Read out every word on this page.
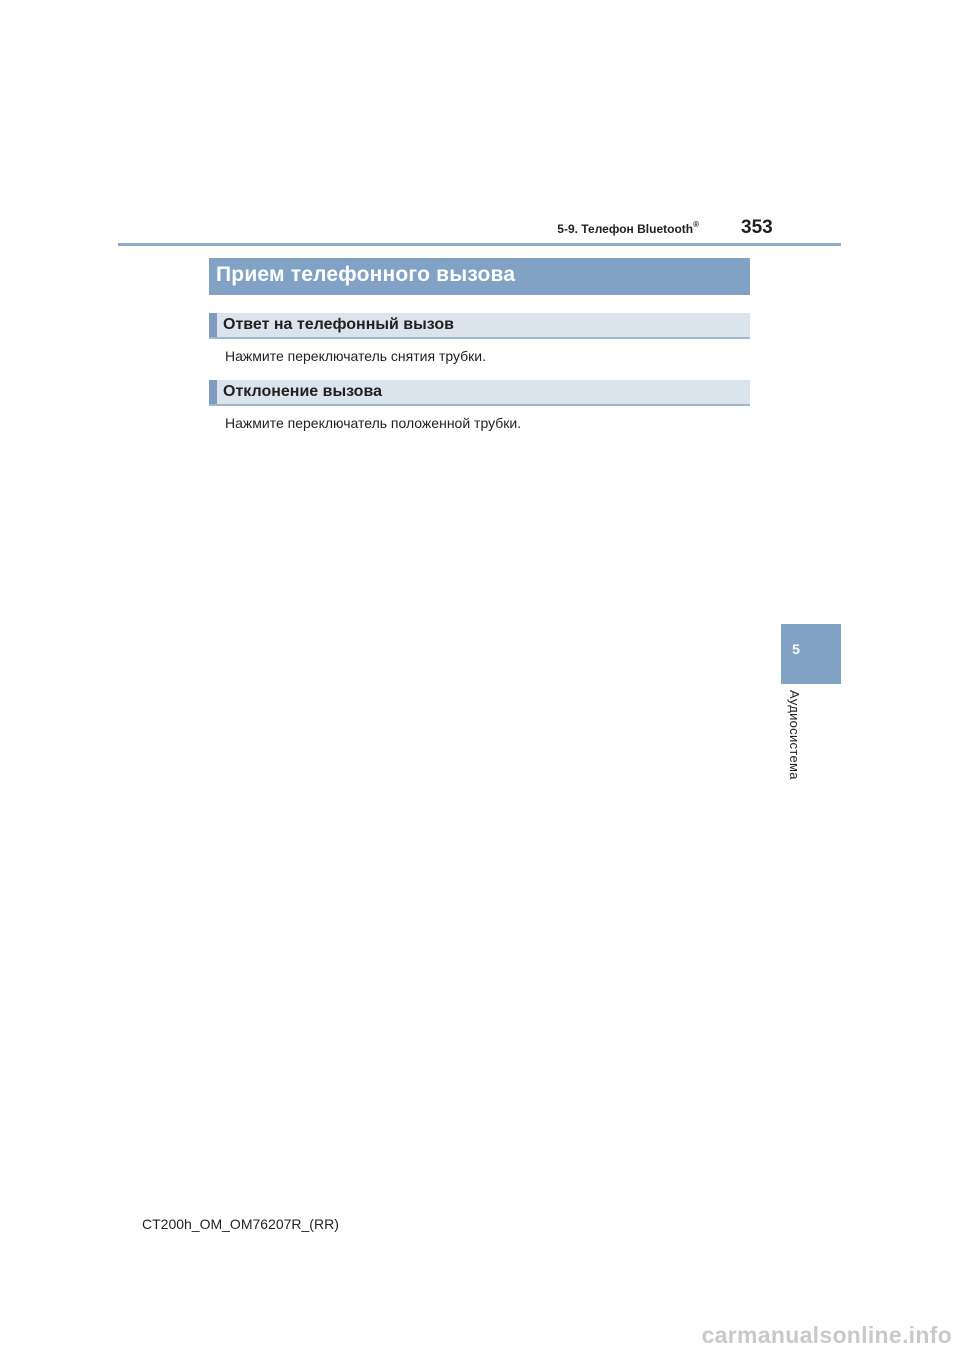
5-9. Телефон Bluetooth® 353
Прием телефонного вызова
Ответ на телефонный вызов
Нажмите переключатель снятия трубки.
Отклонение вызова
Нажмите переключатель положенной трубки.
5
Аудиосистема
CT200h_OM_OM76207R_(RR)
carmanualsonline.info
